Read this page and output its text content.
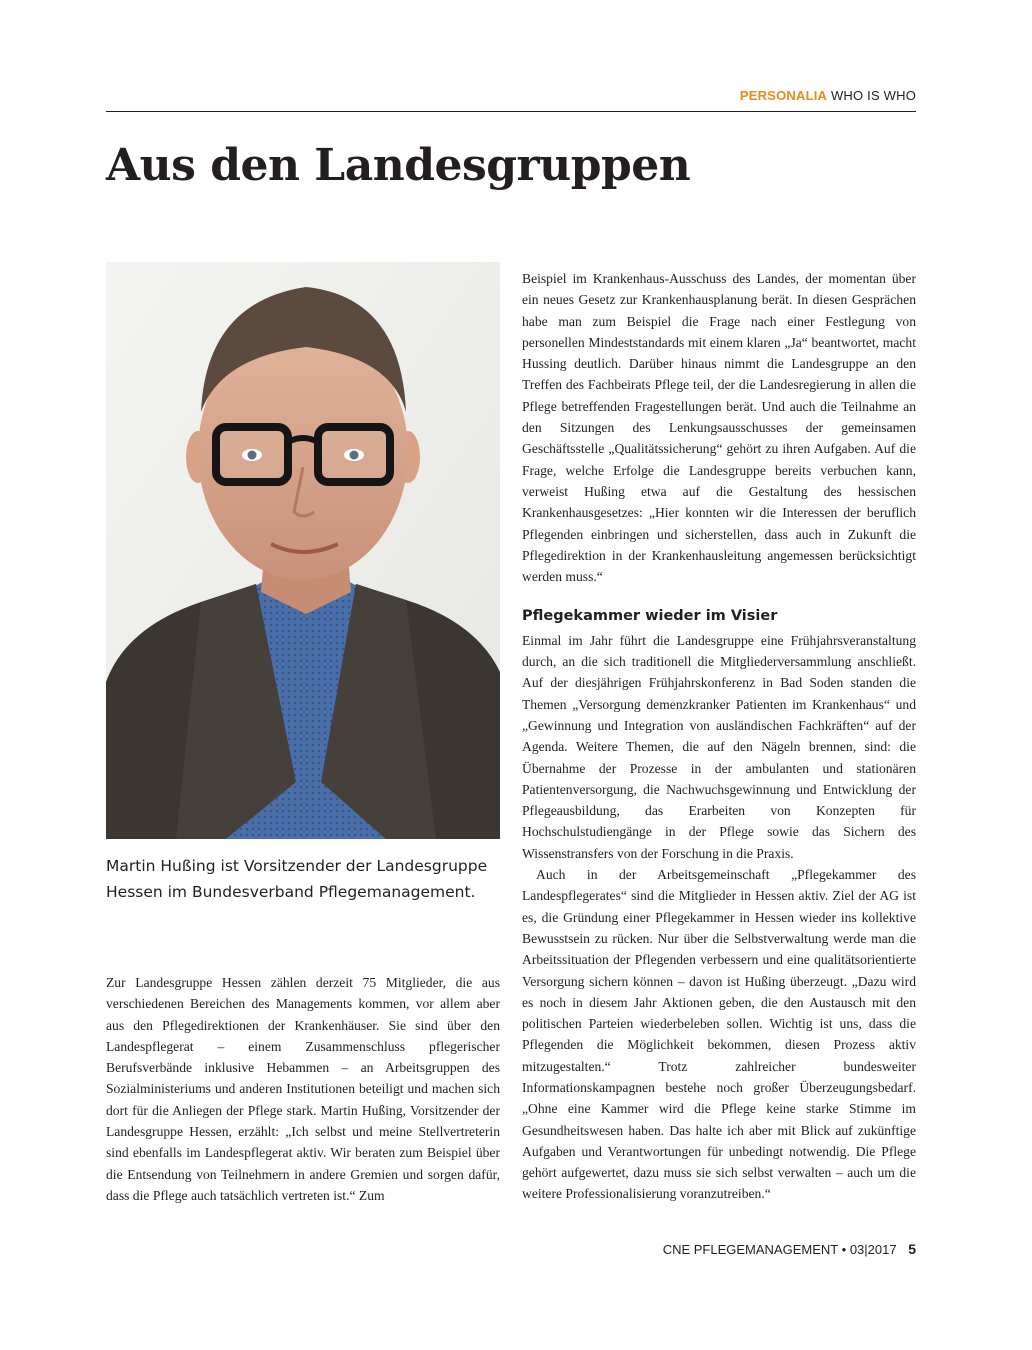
PERSONALIA WHO IS WHO
Aus den Landesgruppen

Martin Hußing ist Vorsitzender der Landesgruppe Hessen im Bundesverband Pflegemanagement.

Zur Landesgruppe Hessen zählen derzeit 75 Mitglieder, die aus verschiedenen Bereichen des Managements kommen, vor allem aber aus den Pflegedirektionen der Krankenhäuser. Sie sind über den Landespflegerat – einem Zusammenschluss pflegerischer Berufsverbände inklusive Hebammen – an Arbeitsgruppen des Sozialministeriums und anderen Institutionen beteiligt und machen sich dort für die Anliegen der Pflege stark. Martin Hußing, Vorsitzender der Landesgruppe Hessen, erzählt: „Ich selbst und meine Stellvertreterin sind ebenfalls im Landespflegerat aktiv. Wir beraten zum Beispiel über die Entsendung von Teilnehmern in andere Gremien und sorgen dafür, dass die Pflege auch tatsächlich vertreten ist.“ Zum

Beispiel im Krankenhaus-Ausschuss des Landes, der momentan über ein neues Gesetz zur Krankenhausplanung berät. In diesen Gesprächen habe man zum Beispiel die Frage nach einer Festlegung von personellen Mindeststandards mit einem klaren „Ja“ beantwortet, macht Hussing deutlich. Darüber hinaus nimmt die Landesgruppe an den Treffen des Fachbeirats Pflege teil, der die Landesregierung in allen die Pflege betreffenden Fragestellungen berät. Und auch die Teilnahme an den Sitzungen des Lenkungsausschusses der gemeinsamen Geschäftsstelle „Qualitätssicherung“ gehört zu ihren Aufgaben. Auf die Frage, welche Erfolge die Landesgruppe bereits verbuchen kann, verweist Hußing etwa auf die Gestaltung des hessischen Krankenhausgesetzes: „Hier konnten wir die Interessen der beruflich Pflegenden einbringen und sicherstellen, dass auch in Zukunft die Pflegedirektion in der Krankenhausleitung angemessen berücksichtigt werden muss.“

Pflegekammer wieder im Visier

Einmal im Jahr führt die Landesgruppe eine Frühjahrsveranstaltung durch, an die sich traditionell die Mitgliederversammlung anschließt. Auf der diesjährigen Frühjahrskonferenz in Bad Soden standen die Themen „Versorgung demenzkranker Patienten im Krankenhaus“ und „Gewinnung und Integration von ausländischen Fachkräften“ auf der Agenda. Weitere Themen, die auf den Nägeln brennen, sind: die Übernahme der Prozesse in der ambulanten und stationären Patientenversorgung, die Nachwuchsgewinnung und Entwicklung der Pflegeausbildung, das Erarbeiten von Konzepten für Hochschulstudiengänge in der Pflege sowie das Sichern des Wissenstransfers von der Forschung in die Praxis.

Auch in der Arbeitsgemeinschaft „Pflegekammer des Landespflegerates“ sind die Mitglieder in Hessen aktiv. Ziel der AG ist es, die Gründung einer Pflegekammer in Hessen wieder ins kollektive Bewusstsein zu rücken. Nur über die Selbstverwaltung werde man die Arbeitssituation der Pflegenden verbessern und eine qualitätsorientierte Versorgung sichern können – davon ist Hußing überzeugt. „Dazu wird es noch in diesem Jahr Aktionen geben, die den Austausch mit den politischen Parteien wiederbeleben sollen. Wichtig ist uns, dass die Pflegenden die Möglichkeit bekommen, diesen Prozess aktiv mitzugestalten.“ Trotz zahlreicher bundesweiter Informationskampagnen bestehe noch großer Überzeugungsbedarf. „Ohne eine Kammer wird die Pflege keine starke Stimme im Gesundheitswesen haben. Das halte ich aber mit Blick auf zukünftige Aufgaben und Verantwortungen für unbedingt notwendig. Die Pflege gehört aufgewertet, dazu muss sie sich selbst verwalten – auch um die weitere Professionalisierung voranzutreiben.“

CNE PFLEGEMANAGEMENT • 03|2017 5
